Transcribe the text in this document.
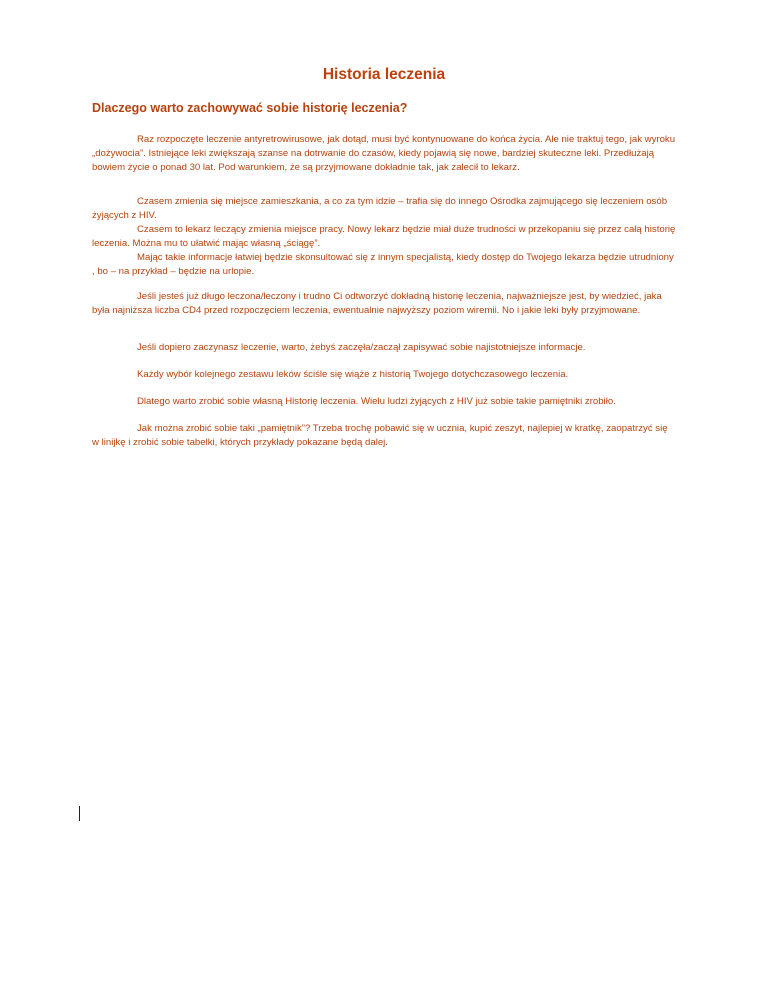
Historia leczenia
Dlaczego warto zachowywać sobie historię leczenia?

Raz rozpoczęte leczenie antyretrowirusowe, jak dotąd, musi być kontynuowane do końca życia. Ale nie traktuj tego, jak wyroku „dożywocia”. Istniejące leki zwiększają szanse na dotrwanie do czasów, kiedy pojawią się nowe, bardziej skuteczne leki. Przedłużają bowiem życie o ponad 30 lat. Pod warunkiem, że są przyjmowane dokładnie tak, jak zalecił to lekarz.

Czasem zmienia się miejsce zamieszkania, a co za tym idzie – trafia się do innego Ośrodka zajmującego się leczeniem osób żyjących z HIV.

Czasem to lekarz leczący zmienia miejsce pracy. Nowy lekarz będzie miał duże trudności w przekopaniu się przez całą historię leczenia. Można mu to ułatwić mając własną „ściągę”.

Mając takie informacje łatwiej będzie skonsultować się z innym specjalistą, kiedy dostęp do Twojego lekarza będzie utrudniony , bo – na przykład – będzie na urlopie.

Jeśli jesteś już długo leczona/leczony i trudno Ci odtworzyć dokładną historię leczenia, najważniejsze jest, by wiedzieć, jaka była najniższa liczba CD4 przed rozpoczęciem leczenia, ewentualnie najwyższy poziom wiremii. No i jakie leki były przyjmowane.

Jeśli dopiero zaczynasz leczenie, warto, żebyś zaczęła/zaczął zapisywać sobie najistotniejsze informacje.

Każdy wybór kolejnego zestawu leków ściśle się wiąże z historią Twojego dotychczasowego leczenia.

Dlatego warto zrobić sobie własną Historię leczenia. Wielu ludzi żyjących z HIV już sobie takie pamiętniki zrobiło.

Jak można zrobić sobie taki „pamiętnik”? Trzeba trochę pobawić się w ucznia, kupić zeszyt, najlepiej w kratkę, zaopatrzyć się w linijkę i zrobić sobie tabelki, których przykłady pokazane będą dalej.
